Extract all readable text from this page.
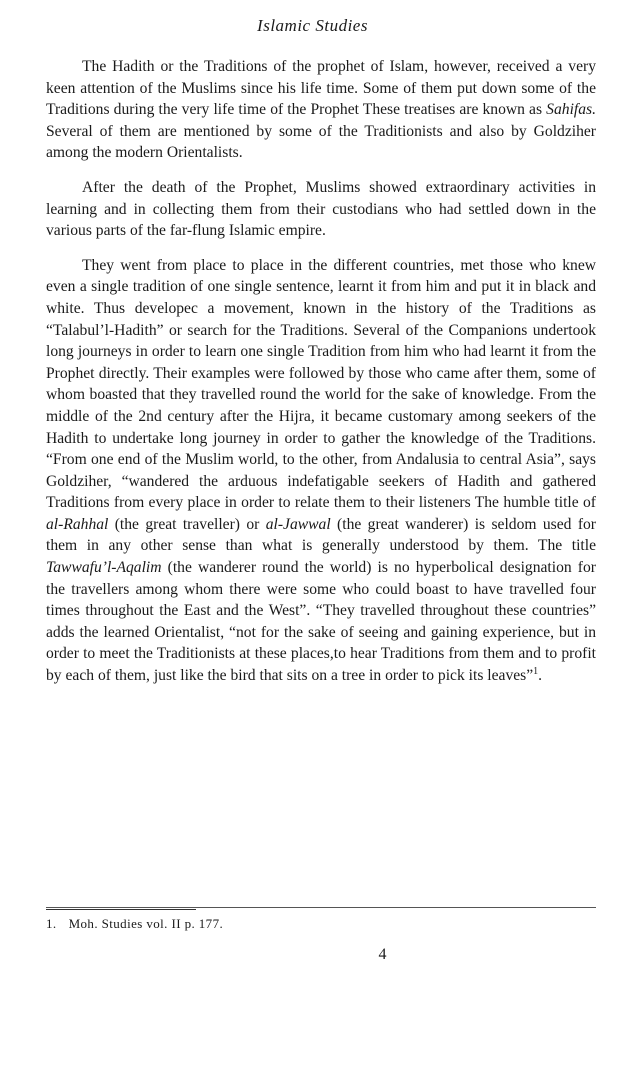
Islamic Studies

The Hadith or the Traditions of the prophet of Islam, however, received a very keen attention of the Muslims since his life time. Some of them put down some of the Traditions during the very life time of the Prophet These treatises are known as Sahifas. Several of them are mentioned by some of the Traditionists and also by Goldziher among the modern Orientalists.

After the death of the Prophet, Muslims showed extraordinary activities in learning and in collecting them from their custodians who had settled down in the various parts of the far-flung Islamic empire.

They went from place to place in the different countries, met those who knew even a single tradition of one single sentence, learnt it from him and put it in black and white. Thus developec a movement, known in the history of the Traditions as “Talabul’l-Hadith” or search for the Traditions. Several of the Companions undertook long journeys in order to learn one single Tradition from him who had learnt it from the Prophet directly. Their examples were followed by those who came after them, some of whom boasted that they travelled round the world for the sake of knowledge. From the middle of the 2nd century after the Hijra, it became customary among seekers of the Hadith to undertake long journey in order to gather the knowledge of the Traditions. “From one end of the Muslim world, to the other, from Andalusia to central Asia”, says Goldziher, “wandered the arduous indefatigable seekers of Hadith and gathered Traditions from every place in order to relate them to their listeners The humble title of al-Rahhal (the great traveller) or al-Jawwal (the great wanderer) is seldom used for them in any other sense than what is generally understood by them. The title Tawwafu’l-Aqalim (the wanderer round the world) is no hyperbolical designation for the travellers among whom there were some who could boast to have travelled four times throughout the East and the West”. “They travelled throughout these countries” adds the learned Orientalist, “not for the sake of seeing and gaining experience, but in order to meet the Traditionists at these places,to hear Traditions from them and to profit by each of them, just like the bird that sits on a tree in order to pick its leaves”$^1$.

1. Moh. Studies vol. II p. 177.
4
